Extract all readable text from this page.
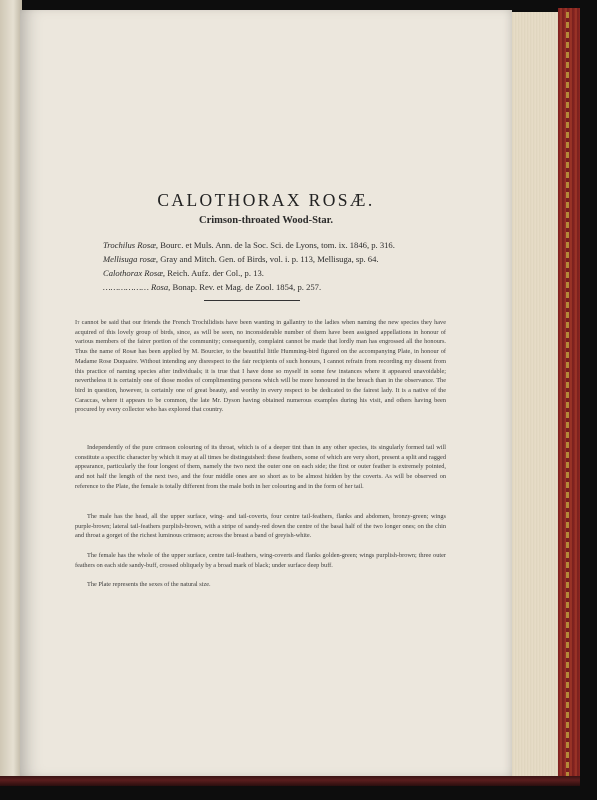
CALOTHORAX ROSÆ.
Crimson-throated Wood-Star.
Trochilus Rosæ, Bourc. et Muls. Ann. de la Soc. Sci. de Lyons, tom. ix. 1846, p. 316.
Mellisuga rosæ, Gray and Mitch. Gen. of Birds, vol. i. p. 113, Mellisuga, sp. 64.
Calothorax Rosæ, Reich. Aufz. der Col., p. 13.
……………… Rosa, Bonap. Rev. et Mag. de Zool. 1854, p. 257.

It cannot be said that our friends the French Trochilidists have been wanting in gallantry to the ladies when naming the new species they have acquired of this lovely group of birds, since, as will be seen, no inconsiderable number of them have been assigned appellations in honour of various members of the fairer portion of the community; consequently, complaint cannot be made that lordly man has engrossed all the honours. Thus the name of Rosæ has been applied by M. Bourcier, to the beautiful little Humming-bird figured on the accompanying Plate, in honour of Madame Rose Duquaire. Without intending any disrespect to the fair recipients of such honours, I cannot refrain from recording my dissent from this practice of naming species after individuals; it is true that I have done so myself in some few instances where it appeared unavoidable; nevertheless it is certainly one of those modes of complimenting persons which will be more honoured in the breach than in the observance. The bird in question, however, is certainly one of great beauty, and worthy in every respect to be dedicated to the fairest lady. It is a native of the Caraccas, where it appears to be common, the late Mr. Dyson having obtained numerous examples during his visit, and others having been procured by every collector who has explored that country.

Independently of the pure crimson colouring of its throat, which is of a deeper tint than in any other species, its singularly formed tail will constitute a specific character by which it may at all times be distinguished: these feathers, some of which are very short, present a split and ragged appearance, particularly the four longest of them, namely the two next the outer one on each side; the first or outer feather is extremely pointed, and not half the length of the next two, and the four middle ones are so short as to be almost hidden by the coverts. As will be observed on reference to the Plate, the female is totally different from the male both in her colouring and in the form of her tail.

The male has the head, all the upper surface, wing- and tail-coverts, four centre tail-feathers, flanks and abdomen, bronzy-green; wings purple-brown; lateral tail-feathers purplish-brown, with a stripe of sandy-red down the centre of the basal half of the two longer ones; on the chin and throat a gorget of the richest luminous crimson; across the breast a band of greyish-white.

The female has the whole of the upper surface, centre tail-feathers, wing-coverts and flanks golden-green; wings purplish-brown; three outer feathers on each side sandy-buff, crossed obliquely by a broad mark of black; under surface deep buff.

The Plate represents the sexes of the natural size.
